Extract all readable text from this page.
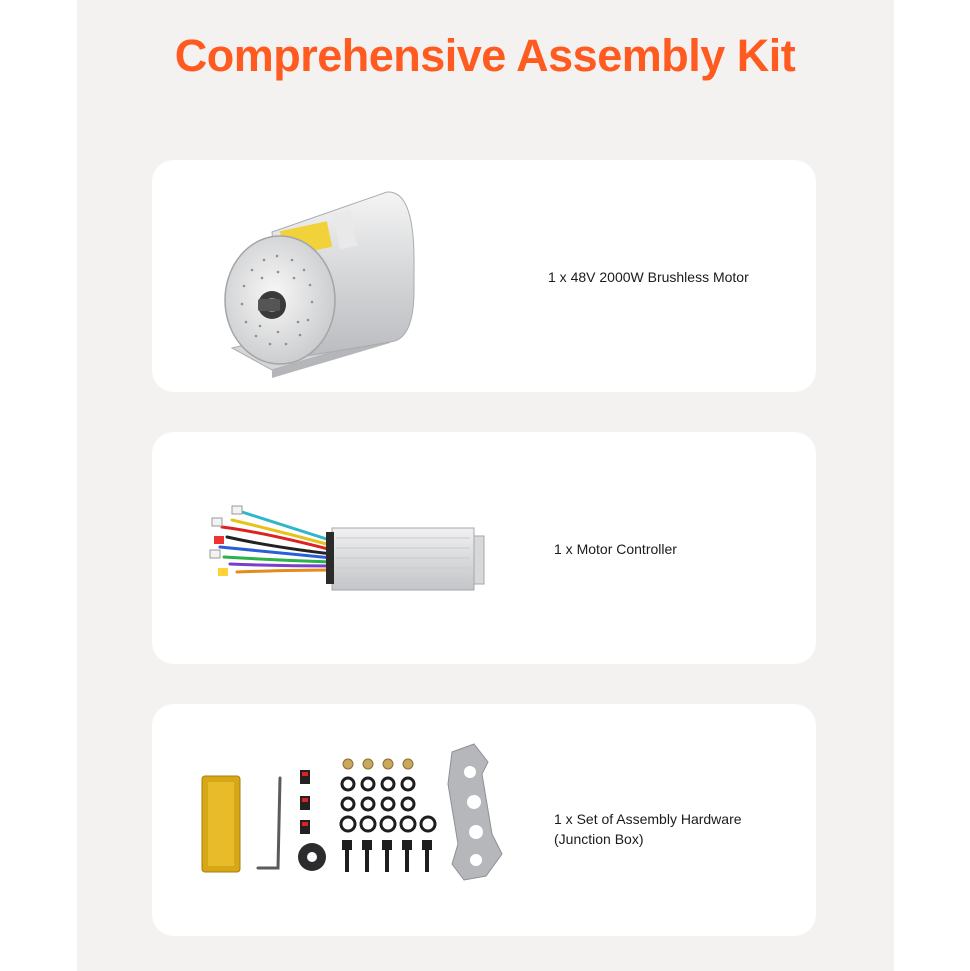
Comprehensive Assembly Kit
1 x 48V 2000W Brushless Motor
1 x Motor Controller
1 x Set of Assembly Hardware
(Junction Box)
